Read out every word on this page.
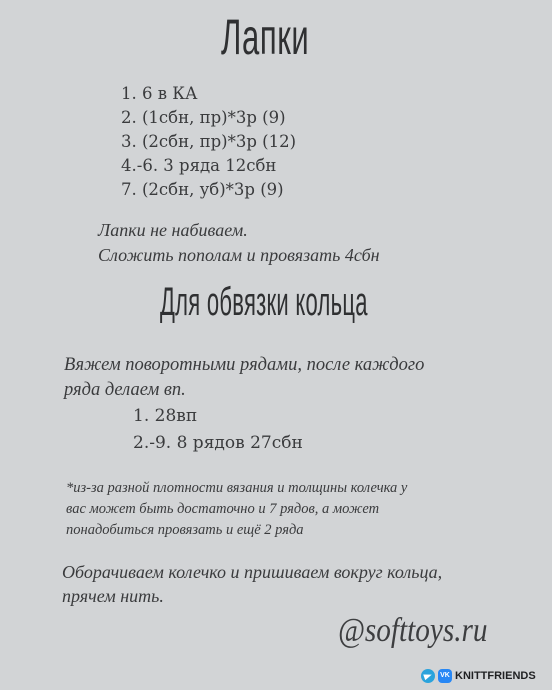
Лапки
1. 6 в КА
2. (1сбн, пр)*3р (9)
3. (2сбн, пр)*3р (12)
4.-6. 3 ряда 12сбн
7. (2сбн, уб)*3р (9)
Лапки не набиваем.
Сложить пополам и провязать 4сбн
Для обвязки кольца
Вяжем поворотными рядами, после каждого
ряда делаем вп.
1. 28вп
2.-9. 8 рядов 27сбн
*из-за разной плотности вязания и толщины колечка у
вас может быть достаточно и 7 рядов, а может
понадобиться провязать и ещё 2 ряда
Оборачиваем колечко и пришиваем вокруг кольца,
прячем нить.
@softtoys.ru
VK KNITTFRIENDS
